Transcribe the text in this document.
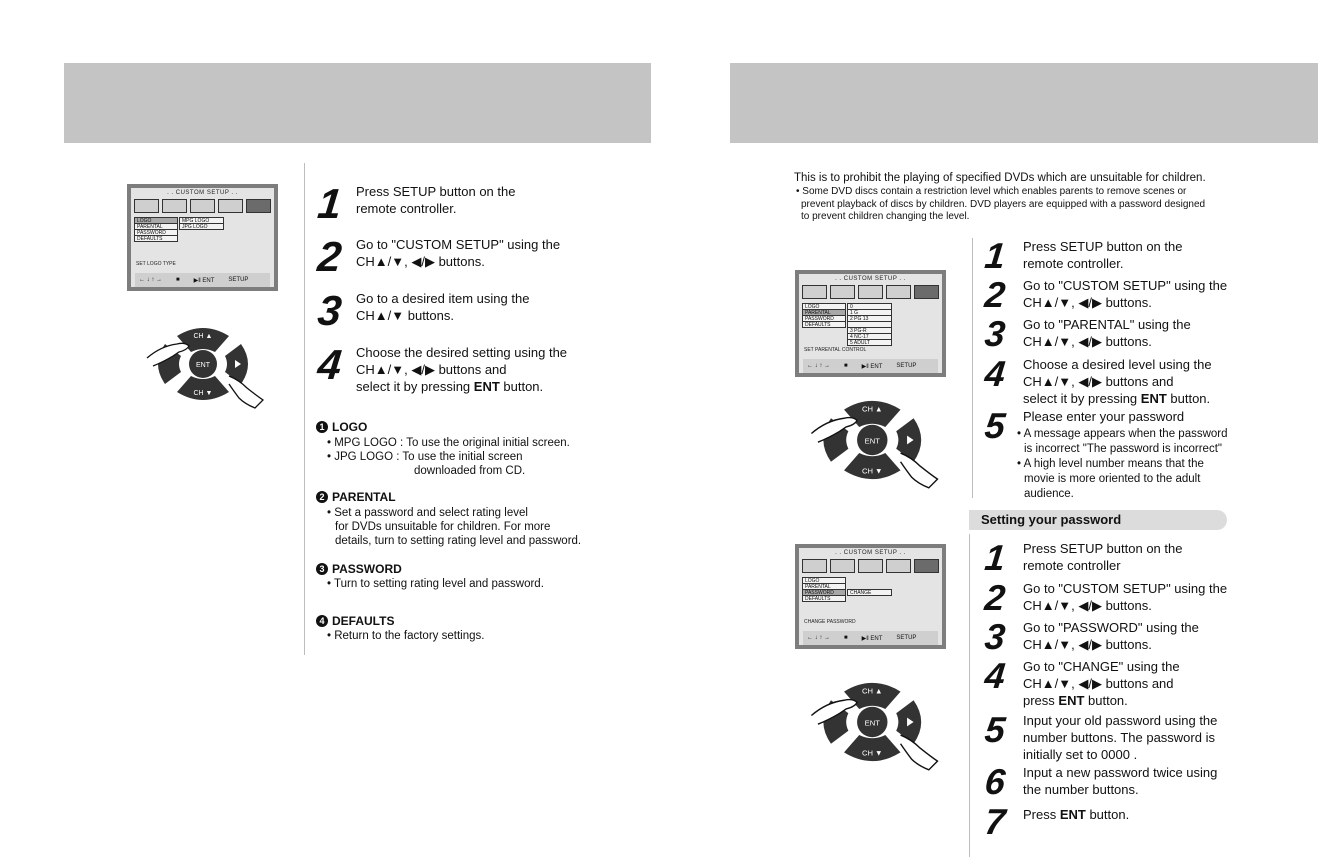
. . CUSTOM SETUP . .
LOGO
PARENTAL
PASSWORD
DEFAULTS
MPG LOGO
JPG LOGO
SET LOGO TYPE
← ↓ ↑ → ■ ▶‖ ENT SETUP
ENT
CH ▲
CH ▼
1 Press SETUP button on the
remote controller.
2 Go to "CUSTOM SETUP" using the
CH▲/▼, ◀/▶ buttons.
3 Go to a desired item using the
CH▲/▼ buttons.
4 Choose the desired setting using the
CH▲/▼, ◀/▶ buttons and
select it by pressing ENT button.
1 LOGO
• MPG LOGO : To use the original initial screen.
• JPG LOGO : To use the initial screen
downloaded from CD.
2 PARENTAL
• Set a password and select rating level
for DVDs unsuitable for children. For more
details, turn to setting rating level and password.
3 PASSWORD
• Turn to setting rating level and password.
4 DEFAULTS
• Return to the factory settings.
This is to prohibit the playing of specified DVDs which are unsuitable for children.
• Some DVD discs contain a restriction level which enables parents to remove scenes or
prevent playback of discs by children. DVD players are equipped with a password designed
to prevent children changing the level.
. . CUSTOM SETUP . .
LOGO
PARENTAL
PASSWORD
DEFAULTS
0
1 G
2 PG 13
3 PG-R
4 NC-17
5 ADULT
SET PARENTAL CONTROL
← ↓ ↑ → ■ ▶‖ ENT SETUP
ENT
CH ▲
CH ▼
1 Press SETUP button on the
remote controller.
2 Go to "CUSTOM SETUP" using the
CH▲/▼, ◀/▶ buttons.
3 Go to "PARENTAL" using the
CH▲/▼, ◀/▶ buttons.
4 Choose a desired level using the
CH▲/▼, ◀/▶ buttons and
select it by pressing ENT button.
5 Please enter your password
• A message appears when the password
is incorrect "The password is incorrect"
• A high level number means that the
movie is more oriented to the adult
audience.
Setting your password
. . CUSTOM SETUP . .
LOGO
PARENTAL
PASSWORD
DEFAULTS
CHANGE
CHANGE PASSWORD
← ↓ ↑ → ■ ▶‖ ENT SETUP
ENT
CH ▲
CH ▼
1 Press SETUP button on the
remote controller
2 Go to "CUSTOM SETUP" using the
CH▲/▼, ◀/▶ buttons.
3 Go to "PASSWORD" using the
CH▲/▼, ◀/▶ buttons.
4 Go to "CHANGE" using the
CH▲/▼, ◀/▶ buttons and
press ENT button.
5 Input your old password using the
number buttons. The password is
initially set to 0000 .
6 Input a new password twice using
the number buttons.
7 Press ENT button.
